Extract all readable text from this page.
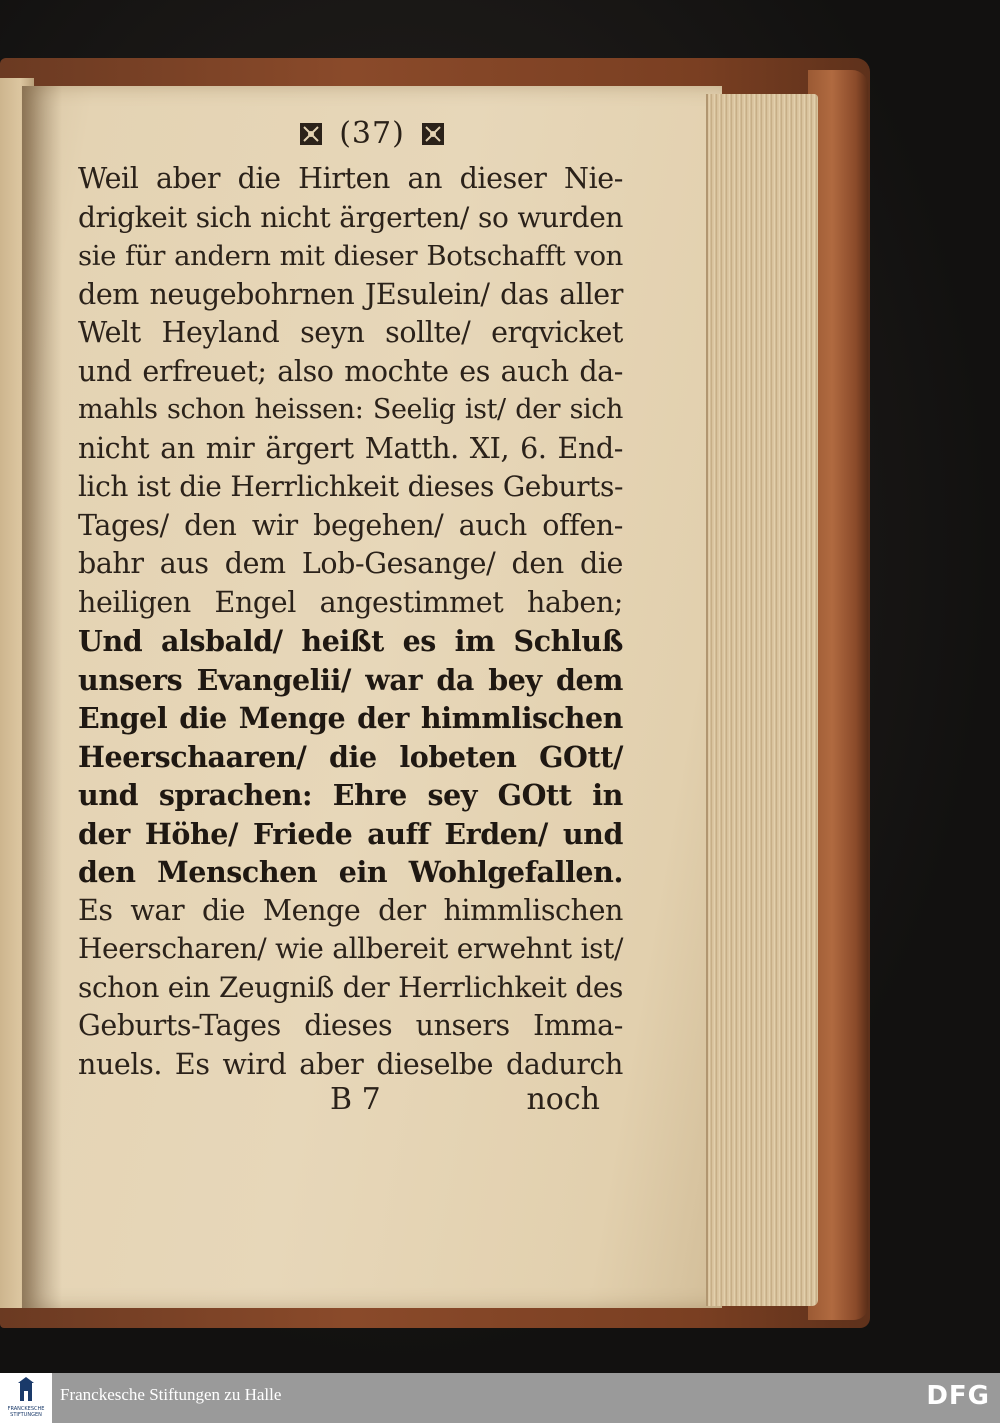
(37)
Weil aber die Hirten an dieser Nie-
drigkeit sich nicht ärgerten/ so wurden
sie für andern mit dieser Botschafft von
dem neugebohrnen JEsulein/ das aller
Welt Heyland seyn sollte/ erqvicket
und erfreuet; also mochte es auch da-
mahls schon heissen: Seelig ist/ der sich
nicht an mir ärgert Matth. XI, 6. End-
lich ist die Herrlichkeit dieses Geburts-
Tages/ den wir begehen/ auch offen-
bahr aus dem Lob-Gesange/ den die
heiligen Engel angestimmet haben;
Und alsbald/ heißt es im Schluß
unsers Evangelii/ war da bey dem
Engel die Menge der himmlischen
Heerschaaren/ die lobeten GOtt/
und sprachen: Ehre sey GOtt in
der Höhe/ Friede auff Erden/ und
den Menschen ein Wohlgefallen.
Es war die Menge der himmlischen
Heerscharen/ wie allbereit erwehnt ist/
schon ein Zeugniß der Herrlichkeit des
Geburts-Tages dieses unsers Imma-
nuels. Es wird aber dieselbe dadurch
B 7	noch
FRANCKESCHE STIFTUNGEN
Franckesche Stiftungen zu Halle	DFG
